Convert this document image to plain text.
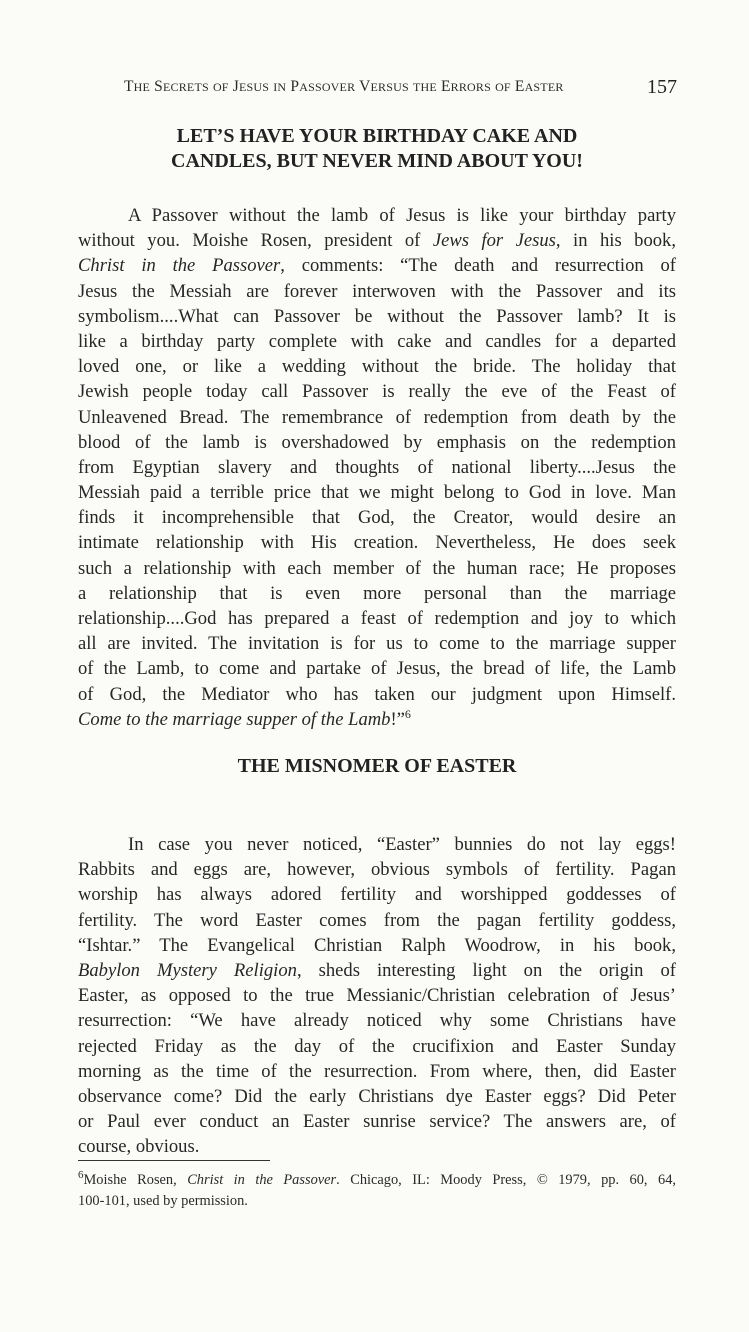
THE SECRETS OF JESUS IN PASSOVER VERSUS THE ERRORS OF EASTER	157
LET’S HAVE YOUR BIRTHDAY CAKE AND
CANDLES, BUT NEVER MIND ABOUT YOU!
A Passover without the lamb of Jesus is like your birthday party
without you. Moishe Rosen, president of Jews for Jesus, in his book,
Christ in the Passover, comments: “The death and resurrection of
Jesus the Messiah are forever interwoven with the Passover and its
symbolism....What can Passover be without the Passover lamb? It is
like a birthday party complete with cake and candles for a departed
loved one, or like a wedding without the bride. The holiday that
Jewish people today call Passover is really the eve of the Feast of
Unleavened Bread. The remembrance of redemption from death by the
blood of the lamb is overshadowed by emphasis on the redemption
from Egyptian slavery and thoughts of national liberty....Jesus the
Messiah paid a terrible price that we might belong to God in love. Man
finds it incomprehensible that God, the Creator, would desire an
intimate relationship with His creation. Nevertheless, He does seek
such a relationship with each member of the human race; He proposes
a relationship that is even more personal than the marriage
relationship....God has prepared a feast of redemption and joy to which
all are invited. The invitation is for us to come to the marriage supper
of the Lamb, to come and partake of Jesus, the bread of life, the Lamb
of God, the Mediator who has taken our judgment upon Himself.
Come to the marriage supper of the Lamb!”$^6$
THE MISNOMER OF EASTER
In case you never noticed, “Easter” bunnies do not lay eggs!
Rabbits and eggs are, however, obvious symbols of fertility. Pagan
worship has always adored fertility and worshipped goddesses of
fertility. The word Easter comes from the pagan fertility goddess,
“Ishtar.” The Evangelical Christian Ralph Woodrow, in his book,
Babylon Mystery Religion, sheds interesting light on the origin of
Easter, as opposed to the true Messianic/Christian celebration of Jesus’
resurrection: “We have already noticed why some Christians have
rejected Friday as the day of the crucifixion and Easter Sunday
morning as the time of the resurrection. From where, then, did Easter
observance come? Did the early Christians dye Easter eggs? Did Peter
or Paul ever conduct an Easter sunrise service? The answers are, of
course, obvious.
$^6$Moishe Rosen, Christ in the Passover. Chicago, IL: Moody Press, © 1979, pp. 60, 64,
100-101, used by permission.
